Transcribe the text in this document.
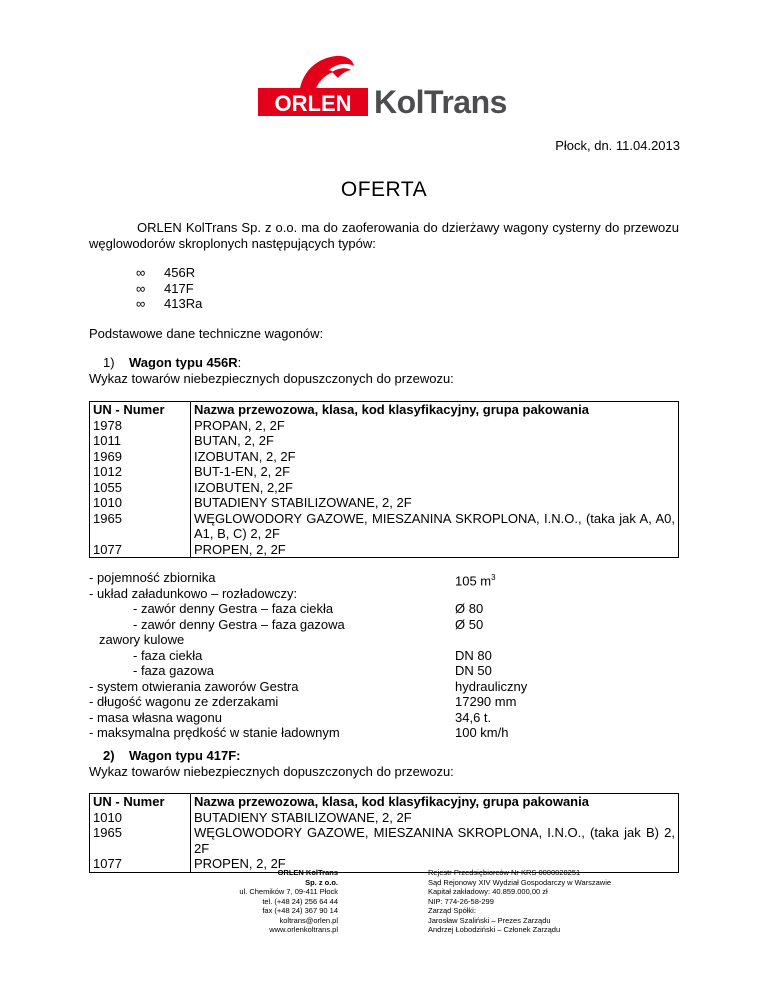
ORLEN KolTrans
Płock, dn. 11.04.2013
OFERTA
ORLEN KolTrans Sp. z o.o. ma do zaoferowania do dzierżawy wagony cysterny do przewozu węglowodorów skroplonych następujących typów:
∞ 456R
∞ 417F
∞ 413Ra
Podstawowe dane techniczne wagonów:
1) Wagon typu 456R:
Wykaz towarów niebezpiecznych dopuszczonych do przewozu:
UN - Numer	Nazwa przewozowa, klasa, kod klasyfikacyjny, grupa pakowania
1978	PROPAN, 2, 2F
1011	BUTAN, 2, 2F
1969	IZOBUTAN, 2, 2F
1012	BUT-1-EN, 2, 2F
1055	IZOBUTEN, 2,2F
1010	BUTADIENY STABILIZOWANE, 2, 2F
1965	WĘGLOWODORY GAZOWE, MIESZANINA SKROPLONA, I.N.O., (taka jak A, A0, A1, B, C) 2, 2F
1077	PROPEN, 2, 2F
- pojemność zbiornika	105 $m^3$
- układ załadunkowo – rozładowczy:
- zawór denny Gestra – faza ciekła	Ø 80
- zawór denny Gestra – faza gazowa	Ø 50
zawory kulowe
- faza ciekła	DN 80
- faza gazowa	DN 50
- system otwierania zaworów Gestra	hydrauliczny
- długość wagonu ze zderzakami	17290 mm
- masa własna wagonu	34,6 t.
- maksymalna prędkość w stanie ładownym	100 km/h
2) Wagon typu 417F:
Wykaz towarów niebezpiecznych dopuszczonych do przewozu:
UN - Numer	Nazwa przewozowa, klasa, kod klasyfikacyjny, grupa pakowania
1010	BUTADIENY STABILIZOWANE, 2, 2F
1965	WĘGLOWODORY GAZOWE, MIESZANINA SKROPLONA, I.N.O., (taka jak B) 2, 2F
1077	PROPEN, 2, 2F
ORLEN KolTrans
Sp. z o.o.
ul. Chemików 7, 09-411 Płock
tel. (+48 24) 256 64 44
fax (+48 24) 367 90 14
koltrans@orlen.pl
www.orlenkoltrans.pl
Rejestr Przedsiębiorców Nr KRS 0000028251
Sąd Rejonowy XIV Wydział Gospodarczy w Warszawie
Kapitał zakładowy: 40.859.000,00 zł
NIP: 774-26-58-299
Zarząd Spółki:
Jarosław Szaliński – Prezes Zarządu
Andrzej Łobodziński – Członek Zarządu
